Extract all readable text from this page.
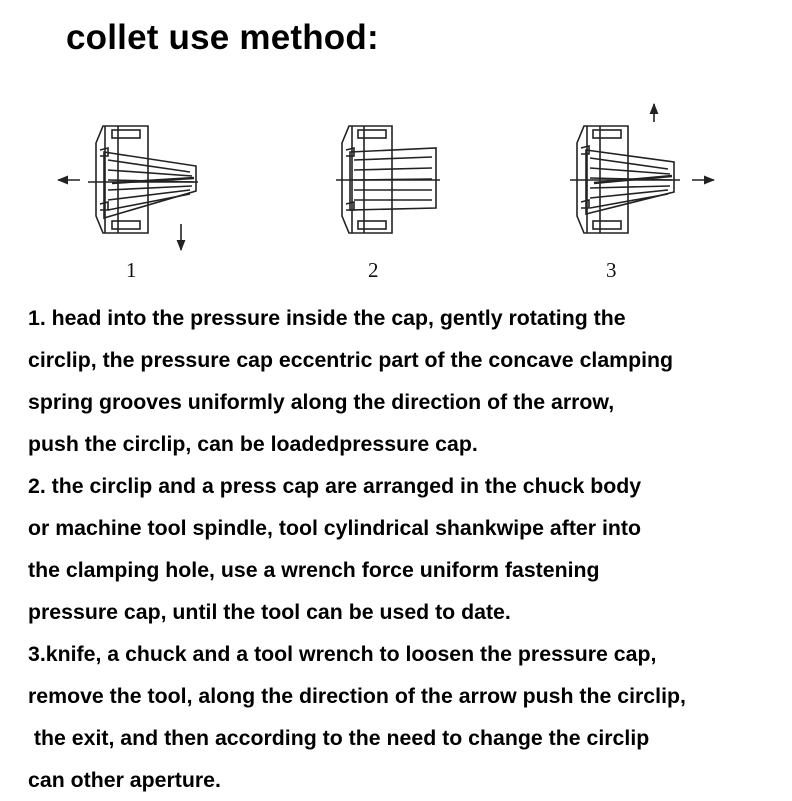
collet use method:
1	2	3
1. head into the pressure inside the cap, gently rotating the
circlip, the pressure cap eccentric part of the concave clamping
spring grooves uniformly along the direction of the arrow,
push the circlip, can be loadedpressure cap.
2. the circlip and a press cap are arranged in the chuck body
or machine tool spindle, tool cylindrical shankwipe after into
the clamping hole, use a wrench force uniform fastening
pressure cap, until the tool can be used to date.
3.knife, a chuck and a tool wrench to loosen the pressure cap,
remove the tool, along the direction of the arrow push the circlip,
the exit, and then according to the need to change the circlip
can other aperture.
